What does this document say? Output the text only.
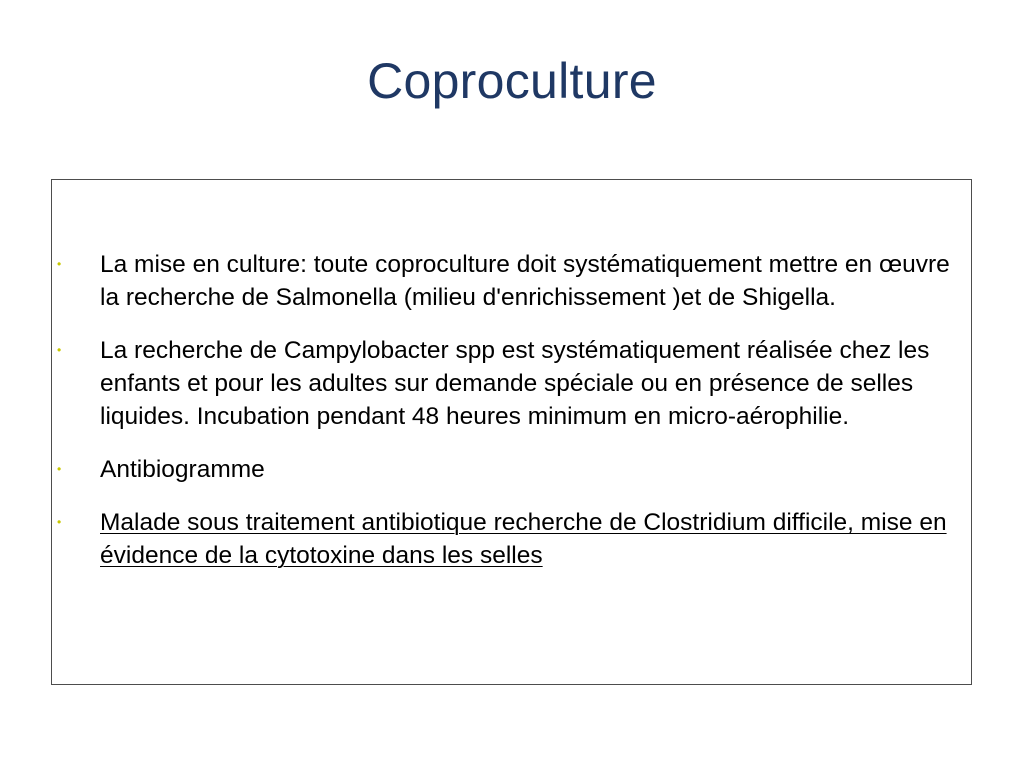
Coproculture
• La mise en culture: toute coproculture doit systématiquement mettre en œuvre la recherche de Salmonella (milieu d'enrichissement )et de Shigella.
• La recherche de Campylobacter spp est systématiquement réalisée chez les enfants et pour les adultes sur demande spéciale ou en présence de selles liquides. Incubation pendant 48 heures minimum en micro-aérophilie.
• Antibiogramme
• Malade sous traitement antibiotique recherche de Clostridium difficile, mise en évidence de la cytotoxine dans les selles
